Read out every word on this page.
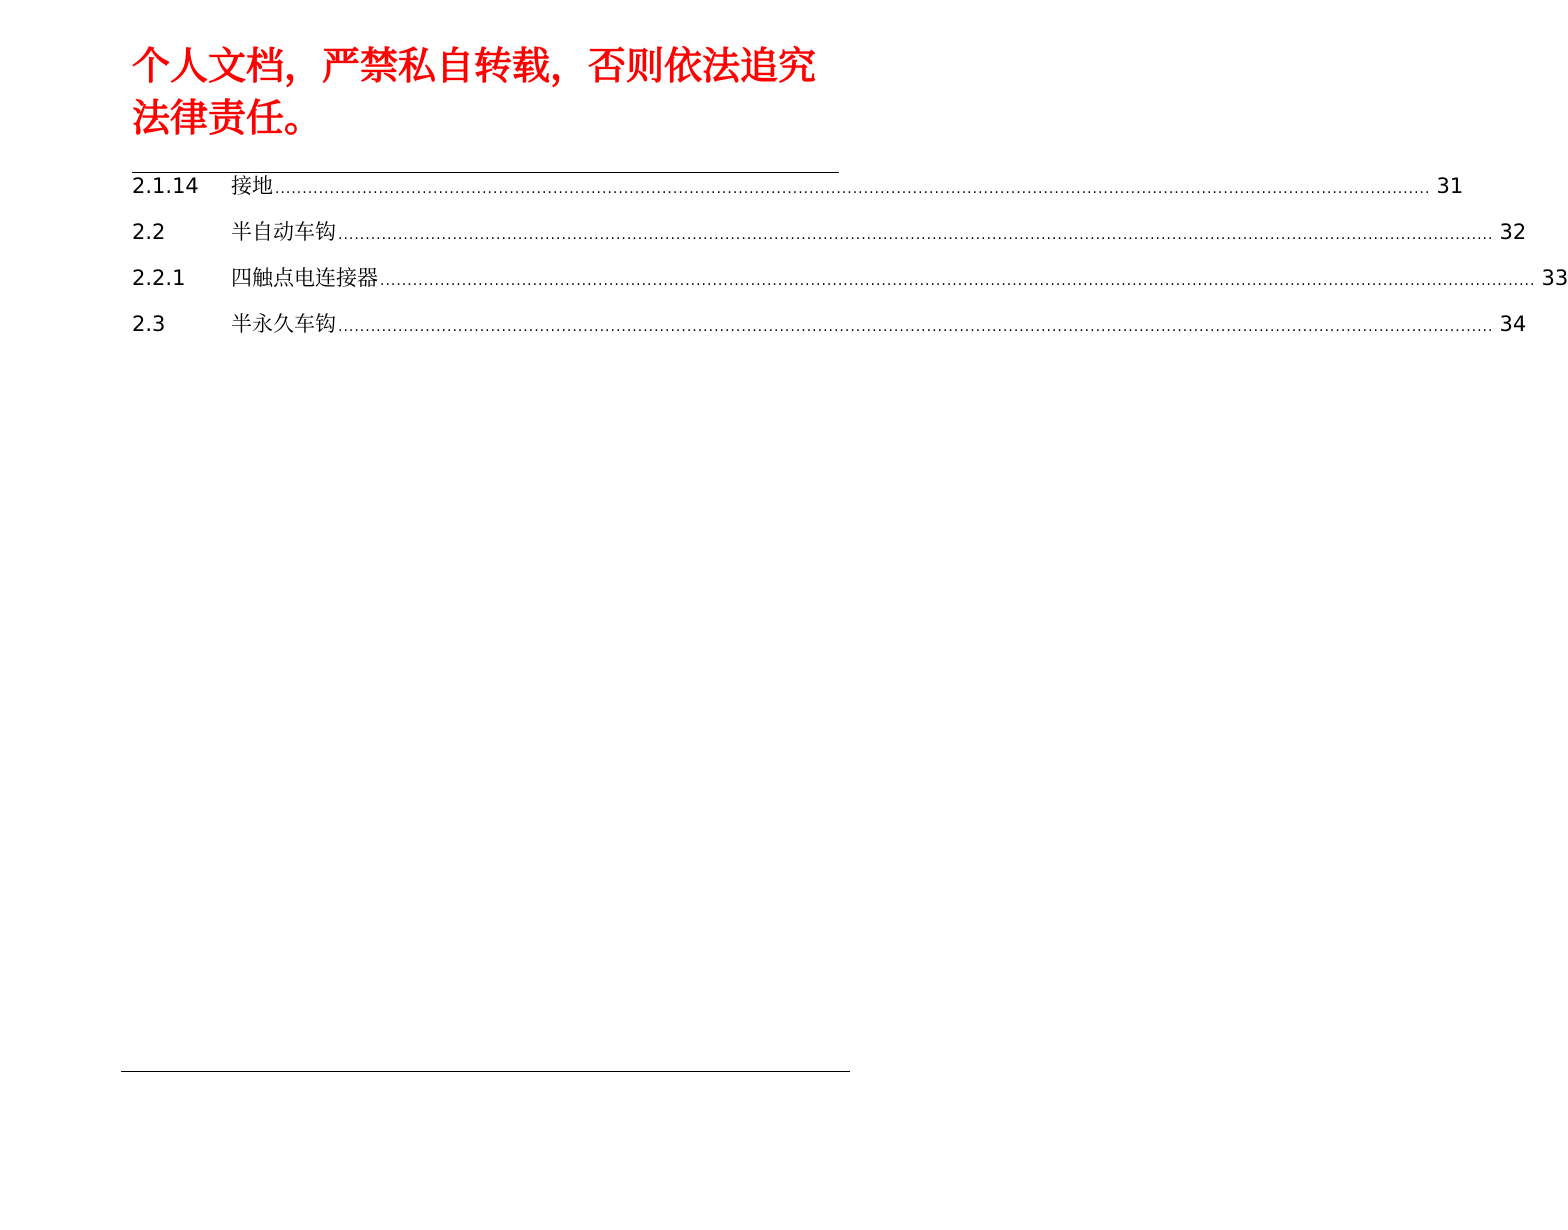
个人文档，严禁私自转载，否则依法追究法律责任。
2.1.14	接地 .................................................................................................................................................................................................................... 31
2.2	半自动车钩 .................................................................................................................................................................................................................... 32
2.2.1	四触点电连接器 .................................................................................................................................................................................................................... 33
2.3	半永久车钩 .................................................................................................................................................................................................................... 34
